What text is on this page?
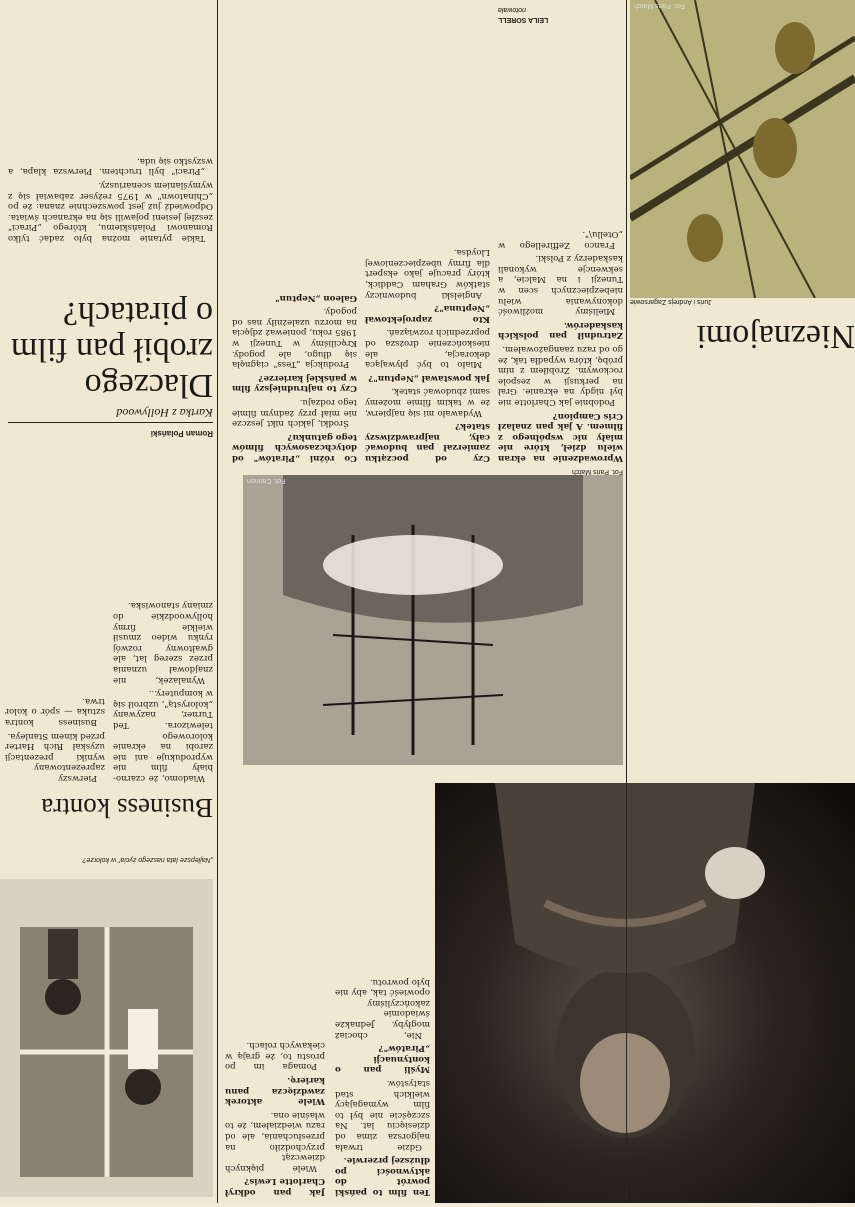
Business kontra
„Najlepsze lata naszego życia" w kolorze?

Wiadomo, że czarno-biały film nie wyprodukuje ani nie zarobi na ekranie kolorowego telewizora. Ted Turner, nazywany „kolorystą", uzbroił się w komputery...

Wynalazek, nie znajdował uznania przez szereg lat, ale gwałtowny rozwój rynku wideo zmusił wielkie firmy hollywoodzkie do zmiany stanowiska.

Pierwszy zaprezentowany wyniki prezentacji uzyskał Rich Harter przed kinem Stanleya.

Business kontra sztuka — spór o kolor trwa.

Ten film to pański powrót do aktywności po dłuższej przerwie.

Gdzie trwała najgorsza zima od dziesięciu lat. Na szczęście nie był to film wymagający wielkich stad statystów.

Myśli pan o kontynuacji „Piratów"?

Nie, chociaż mogłyby. Jednakże świadomie zakończyliśmy opowieść tak, aby nie było powrotu.

Jak pan odkrył Charlotte Lewis?

Wiele pięknych dziewcząt przychodziło na przesłuchania, ale od razu wiedziałem, że to właśnie ona.

Wiele aktorek zawdzięcza panu karierę.

Pomaga im po prostu to, że grają w ciekawych rolach.

Fot. Cannon

Wprowadzenie na ekran wielu dzieł, które nie miały nic wspólnego z filmem. A jak pan znalazł Cris Campion?

Podobnie jak Charlotte nie był nigdy na ekranie. Grał na perkusji w zespole rockowym. Zrobiłem z nim próbę, która wypadła tak, że go od razu zaangażowałem.

Zatrudnił pan polskich kaskaderów.

Mieliśmy możliwość dokonywania wielu niebezpiecznych scen w Tunezji i na Malcie, a sekwencje wykonali kaskaderzy z Polski.

Franco Zeffirellego w „Otellu\".

Czy od początku zamierzał pan budować cały, najprawdziwszy statek?

Wydawało mi się najpierw, że w takim filmie możemy sami zbudować statek.

Jak powstawał „Neptun"?

Miało to być pływająca dekoracja, ale nieskończenie droższa od poprzednich rozwiązań.

Kto zaprojektował „Neptuna"?

Angielski budowniczy statków Graham Caddick, który pracuje jako ekspert dla firmy ubezpieczeniowej Lloydsa.

Co różni „Piratów" od dotychczasowych filmów tego gatunku?

Środki, jakich nikt jeszcze nie miał przy żadnym filmie tego rodzaju.

Czy to najtrudniejszy film w pańskiej karierze?

Produkcja „Tess" ciągnęła się długo, ale pogody. Kręciliśmy w Tunezji w 1985 roku, ponieważ zdjęcia na morzu uzależniły nas od pogody.

Galeon „Neptun"

Roman Polański
Kartka z Hollywood
Dlaczego zrobił pan film o piratach?
Nieznajomi
Juris i Andrejs Zagarsowie

Takie pytanie można było zadać tylko Romanowi Polańskiemu, którego „Piraci" zeszłej jesieni pojawili się na ekranach świata. Odpowiedź już jest powszechnie znana: że po „Chinatown" w 1975 reżyser zabawiał się z wymyślaniem scenariuszy.

„Piraci" byli truchtem. Pierwsza klapa, a wszystko się uda.

Fot. Paris Match
LEILA SORELL
notowała
Fot. Paris Match
